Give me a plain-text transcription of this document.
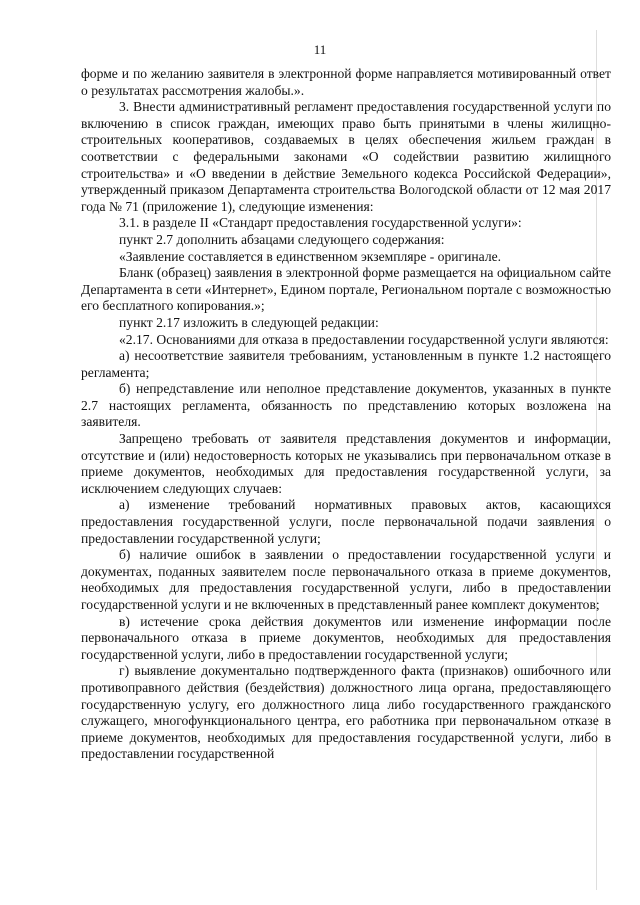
11

форме и по желанию заявителя в электронной форме направляется мотивированный ответ о результатах рассмотрения жалобы.».

3. Внести административный регламент предоставления государственной услуги по включению в список граждан, имеющих право быть принятыми в члены жилищно-строительных кооперативов, создаваемых в целях обеспечения жильем граждан в соответствии с федеральными законами «О содействии развитию жилищного строительства» и «О введении в действие Земельного кодекса Российской Федерации», утвержденный приказом Департамента строительства Вологодской области от 12 мая 2017 года № 71 (приложение 1), следующие изменения:

3.1. в разделе II «Стандарт предоставления государственной услуги»:

пункт 2.7 дополнить абзацами следующего содержания:

«Заявление составляется в единственном экземпляре - оригинале.

Бланк (образец) заявления в электронной форме размещается на официальном сайте Департамента в сети «Интернет», Едином портале, Региональном портале с возможностью его бесплатного копирования.»;

пункт 2.17 изложить в следующей редакции:

«2.17. Основаниями для отказа в предоставлении государственной услуги являются:

а) несоответствие заявителя требованиям, установленным в пункте 1.2 настоящего регламента;

б) непредставление или неполное представление документов, указанных в пункте 2.7 настоящих регламента, обязанность по представлению которых возложена на заявителя.

Запрещено требовать от заявителя представления документов и информации, отсутствие и (или) недостоверность которых не указывались при первоначальном отказе в приеме документов, необходимых для предоставления государственной услуги, за исключением следующих случаев:

а) изменение требований нормативных правовых актов, касающихся предоставления государственной услуги, после первоначальной подачи заявления о предоставлении государственной услуги;

б) наличие ошибок в заявлении о предоставлении государственной услуги и документах, поданных заявителем после первоначального отказа в приеме документов, необходимых для предоставления государственной услуги, либо в предоставлении государственной услуги и не включенных в представленный ранее комплект документов;

в) истечение срока действия документов или изменение информации после первоначального отказа в приеме документов, необходимых для предоставления государственной услуги, либо в предоставлении государственной услуги;

г) выявление документально подтвержденного факта (признаков) ошибочного или противоправного действия (бездействия) должностного лица органа, предоставляющего государственную услугу, его должностного лица либо государственного гражданского служащего, многофункционального центра, его работника при первоначальном отказе в приеме документов, необходимых для предоставления государственной услуги, либо в предоставлении государственной
